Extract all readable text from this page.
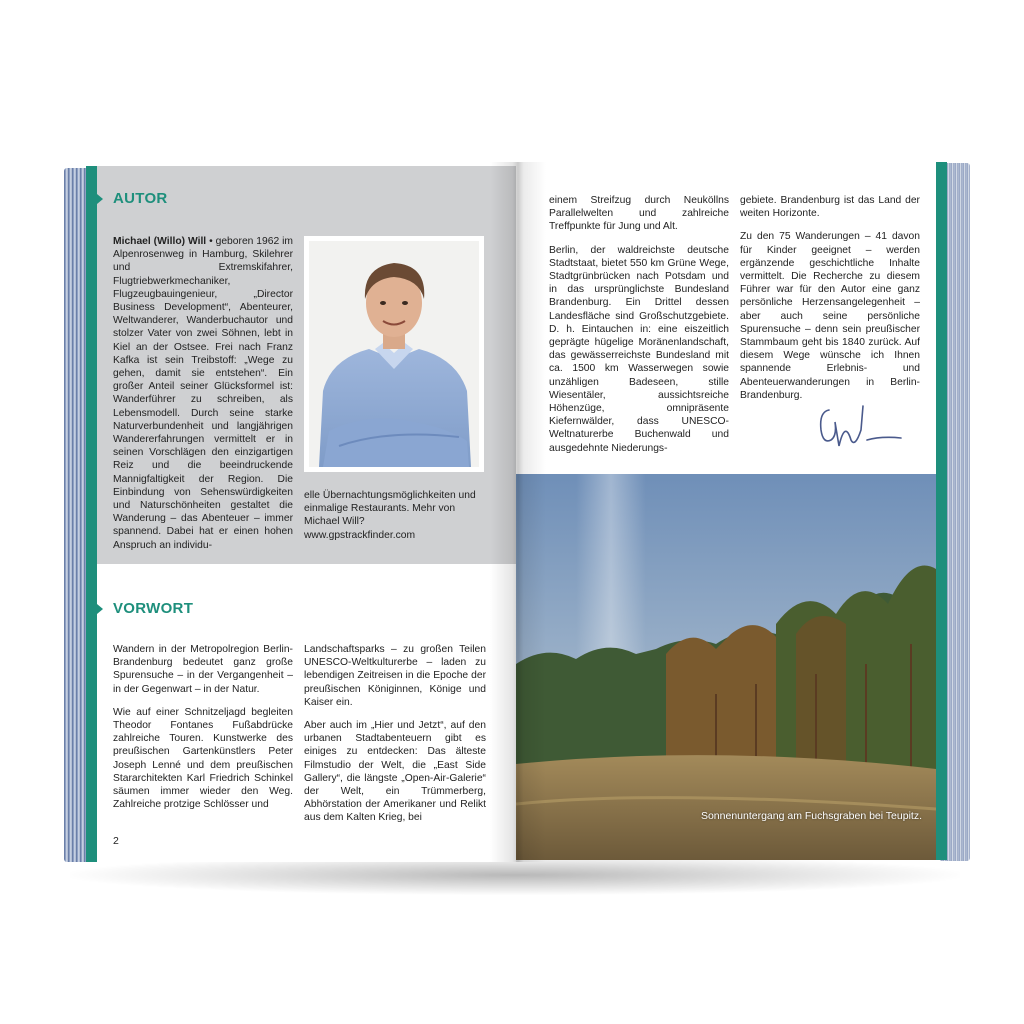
AUTOR
Michael (Willo) Will • geboren 1962 im Alpenrosenweg in Hamburg, Skilehrer und Extremskifahrer, Flugtriebwerkmechaniker, Flugzeugbauingenieur, „Director Business Development“, Abenteurer, Weltwanderer, Wanderbuchautor und stolzer Vater von zwei Söhnen, lebt in Kiel an der Ostsee. Frei nach Franz Kafka ist sein Treibstoff: „Wege zu gehen, damit sie entstehen“. Ein großer Anteil seiner Glücksformel ist: Wanderführer zu schreiben, als Lebensmodell. Durch seine starke Naturverbundenheit und langjährigen Wandererfahrungen vermittelt er in seinen Vorschlägen den einzigartigen Reiz und die beeindruckende Mannigfaltigkeit der Region. Die Einbindung von Sehenswürdigkeiten und Naturschönheiten gestaltet die Wanderung – das Abenteuer – immer spannend. Dabei hat er einen hohen Anspruch an individu-
elle Übernachtungsmöglichkeiten und einmalige Restaurants. Mehr von Michael Will?
www.gpstrackfinder.com
VORWORT

Wandern in der Metropolregion Berlin-Brandenburg bedeutet ganz große Spurensuche – in der Vergangenheit – in der Gegenwart – in der Natur.

Wie auf einer Schnitzeljagd begleiten Theodor Fontanes Fußabdrücke zahlreiche Touren. Kunstwerke des preußischen Gartenkünstlers Peter Joseph Lenné und dem preußischen Stararchitekten Karl Friedrich Schinkel säumen immer wieder den Weg. Zahlreiche protzige Schlösser und

Landschaftsparks – zu großen Teilen UNESCO-Weltkulturerbe – laden zu lebendigen Zeitreisen in die Epoche der preußischen Königinnen, Könige und Kaiser ein.

Aber auch im „Hier und Jetzt“, auf den urbanen Stadtabenteuern gibt es einiges zu entdecken: Das älteste Filmstudio der Welt, die „East Side Gallery“, die längste „Open-Air-Galerie“ der Welt, ein Trümmerberg, Abhörstation der Amerikaner und Relikt aus dem Kalten Krieg, bei

2

einem Streifzug durch Neuköllns Parallelwelten und zahlreiche Treffpunkte für Jung und Alt.

Berlin, der waldreichste deutsche Stadtstaat, bietet 550 km Grüne Wege, Stadtgrünbrücken nach Potsdam und in das ursprünglichste Bundesland Brandenburg. Ein Drittel dessen Landesfläche sind Großschutzgebiete. D. h. Eintauchen in: eine eiszeitlich geprägte hügelige Moränenlandschaft, das gewässerreichste Bundesland mit ca. 1500 km Wasserwegen sowie unzähligen Badeseen, stille Wiesentäler, aussichtsreiche Höhenzüge, omnipräsente Kiefernwälder, dass UNESCO-Weltnaturerbe Buchenwald und ausgedehnte Niederungs-

gebiete. Brandenburg ist das Land der weiten Horizonte.

Zu den 75 Wanderungen – 41 davon für Kinder geeignet – werden ergänzende geschichtliche Inhalte vermittelt. Die Recherche zu diesem Führer war für den Autor eine ganz persönliche Herzensangelegenheit – aber auch seine persönliche Spurensuche – denn sein preußischer Stammbaum geht bis 1840 zurück. Auf diesem Wege wünsche ich Ihnen spannende Erlebnis- und Abenteuerwanderungen in Berlin-Brandenburg.

Sonnenuntergang am Fuchsgraben bei Teupitz.
